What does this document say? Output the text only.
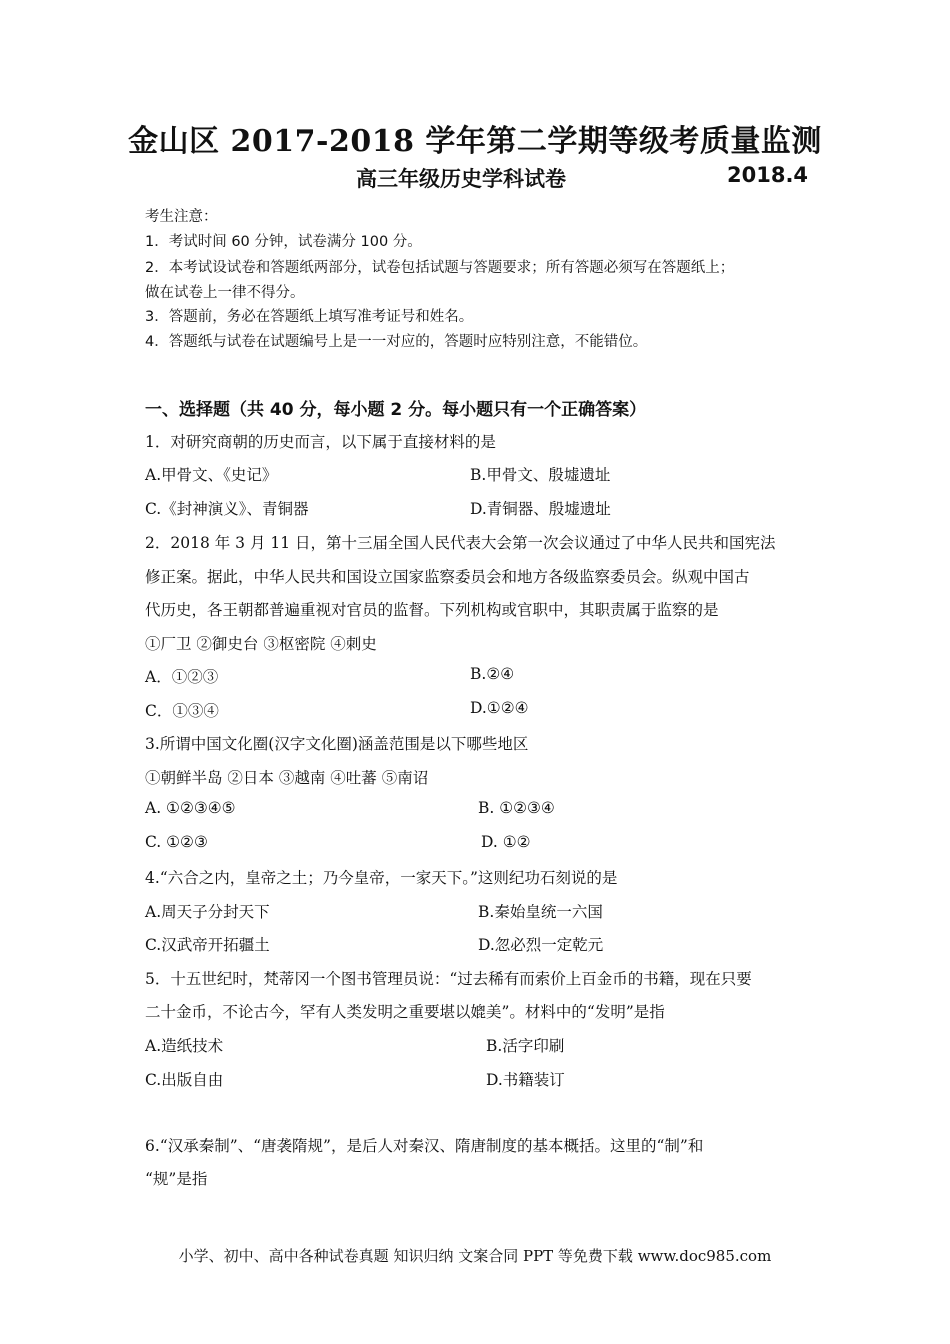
金山区 2017-2018 学年第二学期等级考质量监测
高三年级历史学科试卷	2018.4
考生注意：
1．考试时间 60 分钟，试卷满分 100 分。
2．本考试设试卷和答题纸两部分，试卷包括试题与答题要求；所有答题必须写在答题纸上；
做在试卷上一律不得分。
3．答题前，务必在答题纸上填写准考证号和姓名。
4．答题纸与试卷在试题编号上是一一对应的，答题时应特别注意，不能错位。
一、选择题（共 40 分，每小题 2 分。每小题只有一个正确答案）
1．对研究商朝的历史而言，以下属于直接材料的是
A.甲骨文、《史记》	B.甲骨文、殷墟遗址
C.《封神演义》、青铜器	D.青铜器、殷墟遗址
2．2018 年 3 月 11 日，第十三届全国人民代表大会第一次会议通过了中华人民共和国宪法
修正案。据此，中华人民共和国设立国家监察委员会和地方各级监察委员会。纵观中国古
代历史，各王朝都普遍重视对官员的监督。下列机构或官职中，其职责属于监察的是
①厂卫 ②御史台 ③枢密院 ④刺史
A．①②③	B.②④
C．①③④	D.①②④
3.所谓中国文化圈(汉字文化圈)涵盖范围是以下哪些地区
①朝鲜半岛 ②日本 ③越南 ④吐蕃 ⑤南诏
A. ①②③④⑤	B. ①②③④
C. ①②③	D. ①②
4.“六合之内，皇帝之土；乃今皇帝，一家天下。”这则纪功石刻说的是
A.周天子分封天下	B.秦始皇统一六国
C.汉武帝开拓疆土	D.忽必烈一定乾元
5．十五世纪时，梵蒂冈一个图书管理员说：“过去稀有而索价上百金币的书籍，现在只要
二十金币，不论古今，罕有人类发明之重要堪以媲美”。材料中的“发明”是指
A.造纸技术	B.活字印刷
C.出版自由	D.书籍装订
6.“汉承秦制”、“唐袭隋规”，是后人对秦汉、隋唐制度的基本概括。这里的“制”和
“规”是指
小学、初中、高中各种试卷真题 知识归纳 文案合同 PPT 等免费下载 www.doc985.com
